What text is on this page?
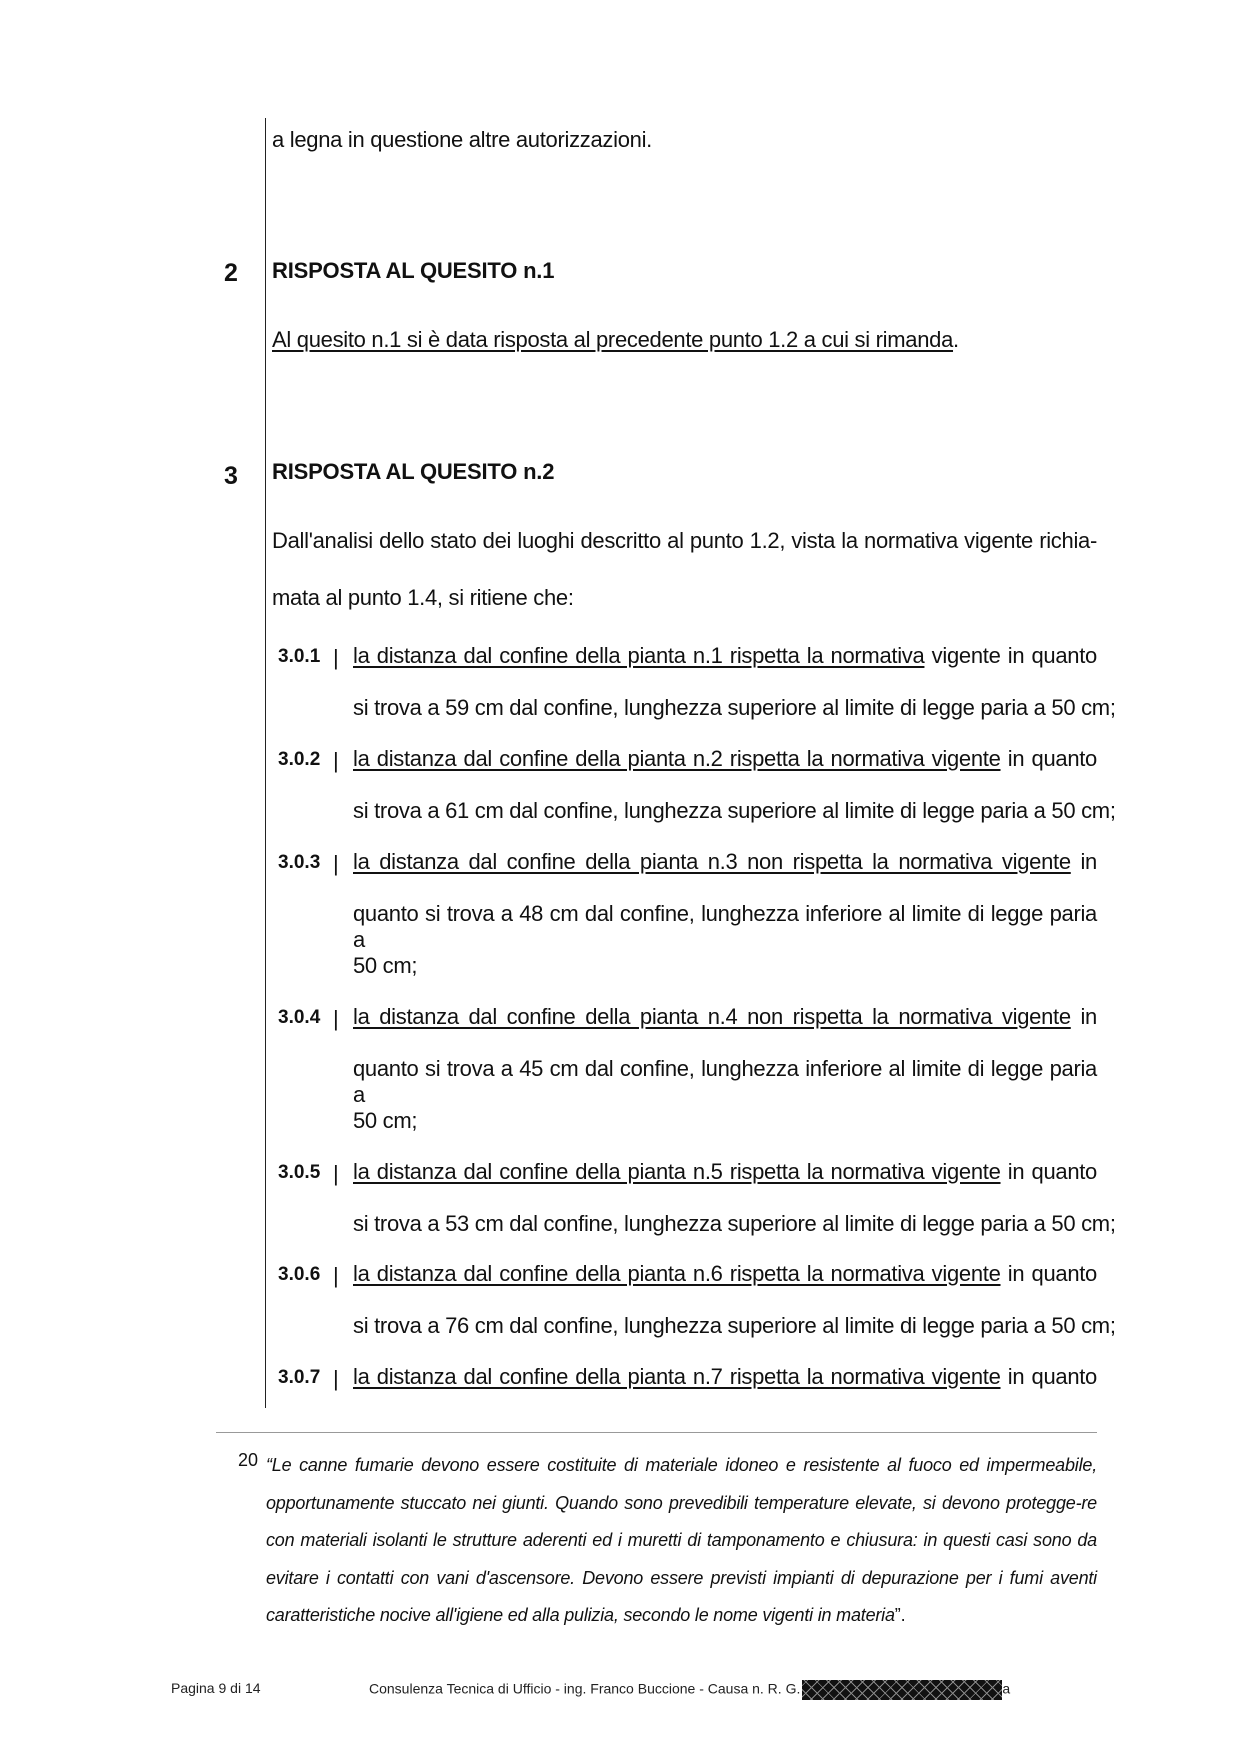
a legna in questione altre autorizzazioni.
2	RISPOSTA AL QUESITO n.1
Al quesito n.1 si è data risposta al precedente punto 1.2 a cui si rimanda.
3	RISPOSTA AL QUESITO n.2
Dall'analisi dello stato dei luoghi descritto al punto 1.2, vista la normativa vigente richia-
mata al punto 1.4, si ritiene che:
3.0.1 | la distanza dal confine della pianta n.1 rispetta la normativa vigente in quanto
si trova a 59 cm dal confine, lunghezza superiore al limite di legge paria a 50 cm;
3.0.2 | la distanza dal confine della pianta n.2 rispetta la normativa vigente in quanto
si trova a 61 cm dal confine, lunghezza superiore al limite di legge paria a 50 cm;
3.0.3 | la distanza dal confine della pianta n.3 non rispetta la normativa vigente in
quanto si trova a 48 cm dal confine, lunghezza inferiore al limite di legge paria a
50 cm;
3.0.4 | la distanza dal confine della pianta n.4 non rispetta la normativa vigente in
quanto si trova a 45 cm dal confine, lunghezza inferiore al limite di legge paria a
50 cm;
3.0.5 | la distanza dal confine della pianta n.5 rispetta la normativa vigente in quanto
si trova a 53 cm dal confine, lunghezza superiore al limite di legge paria a 50 cm;
3.0.6 | la distanza dal confine della pianta n.6 rispetta la normativa vigente in quanto
si trova a 76 cm dal confine, lunghezza superiore al limite di legge paria a 50 cm;
3.0.7 | la distanza dal confine della pianta n.7 rispetta la normativa vigente in quanto
20 “Le canne fumarie devono essere costituite di materiale idoneo e resistente al fuoco ed impermeabile, opportunamente stuccato nei giunti. Quando sono prevedibili temperature elevate, si devono protegge-re con materiali isolanti le strutture aderenti ed i muretti di tamponamento e chiusura: in questi casi sono da evitare i contatti con vani d'ascensore. Devono essere previsti impianti di depurazione per i fumi aventi caratteristiche nocive all'igiene ed alla pulizia, secondo le nome vigenti in materia”.
Pagina 9 di 14	Consulenza Tecnica di Ufficio - ing. Franco Buccione - Causa n. R. G.	a
